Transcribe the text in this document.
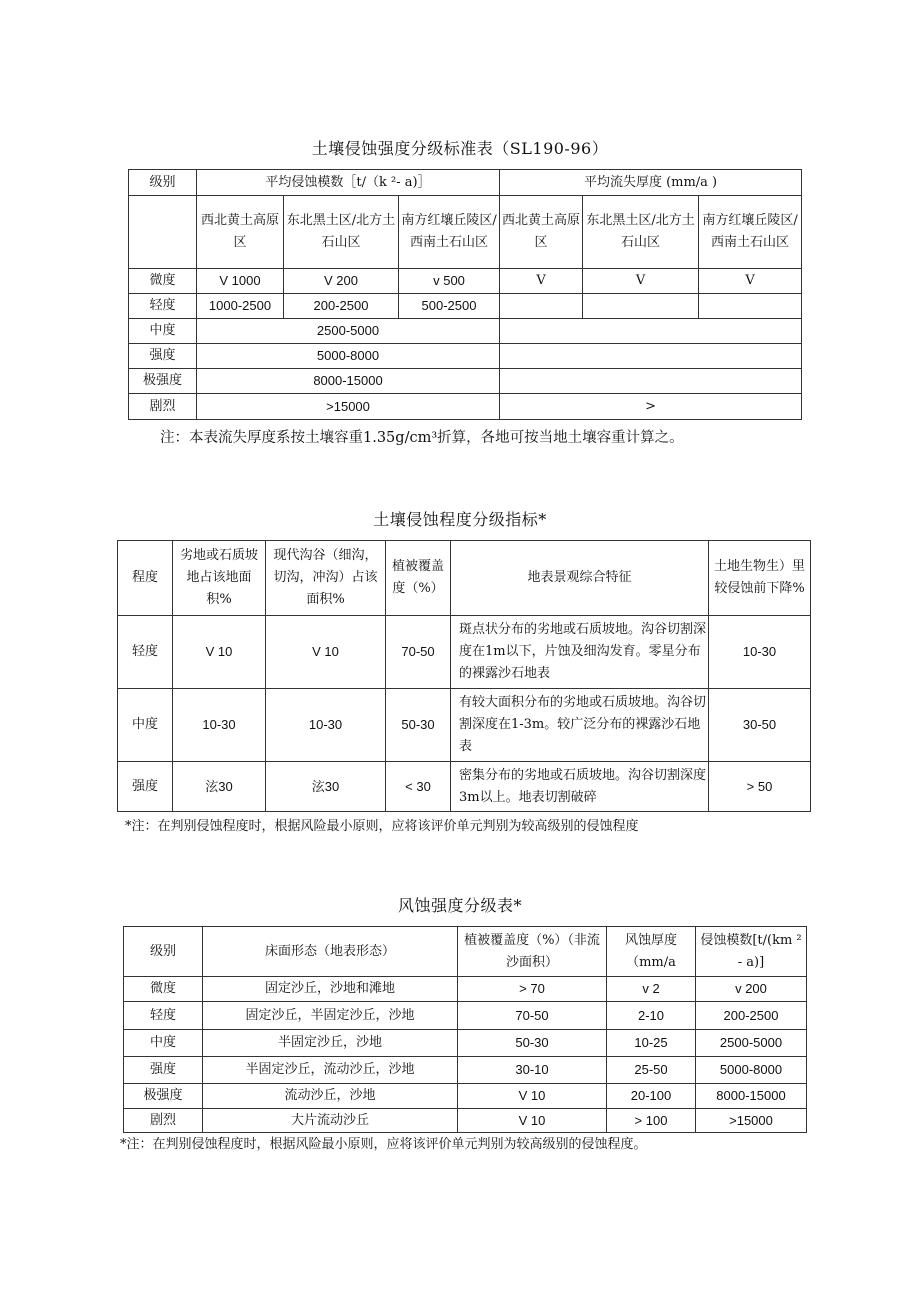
土壤侵蚀强度分级标准表（SL190-96）
级别	平均侵蚀模数［t/（k ²- a)］			平均流失厚度 (mm/a )		
	西北黄土高原区	东北黑土区/北方土石山区	南方红壤丘陵区/西南土石山区	西北黄土高原区	东北黑土区/北方土石山区	南方红壤丘陵区/西南土石山区
微度	V 1000	V 200	v 500	V	V	V
轻度	1000-2500	200-2500	500-2500			
中度	2500-5000					
强度	5000-8000					
极强度	8000-15000					
剧烈	>15000			>		
注：本表流失厚度系按土壤容重1.35g/cm³折算，各地可按当地土壤容重计算之。
土壤侵蚀程度分级指标*
程度	劣地或石质坡地占该地面积%	现代沟谷（细沟，切沟，冲沟）占该面积%	植被覆盖度（%）	地表景观综合特征	土地生物生）里较侵蚀前下降%
轻度	V 10	V 10	70-50	斑点状分布的劣地或石质坡地。沟谷切割深度在1m以下，片蚀及细沟发育。零星分布的裸露沙石地表	10-30
中度	10-30	10-30	50-30	有较大面积分布的劣地或石质坡地。沟谷切割深度在1-3m。较广泛分布的裸露沙石地表	30-50
强度	泫30	泫30	< 30	密集分布的劣地或石质坡地。沟谷切割深度3m以上。地表切割破碎	> 50
*注：在判别侵蚀程度时，根据风险最小原则，应将该评价单元判别为较高级别的侵蚀程度
风蚀强度分级表*
级别	床面形态（地表形态）	植被覆盖度（%）（非流沙面积）	风蚀厚度（mm/a	侵蚀模数[t/(km ² - a)]
微度	固定沙丘，沙地和滩地	> 70	v 2	v 200
轻度	固定沙丘，半固定沙丘，沙地	70-50	2-10	200-2500
中度	半固定沙丘，沙地	50-30	10-25	2500-5000
强度	半固定沙丘，流动沙丘，沙地	30-10	25-50	5000-8000
极强度	流动沙丘，沙地	V 10	20-100	8000-15000
剧烈	大片流动沙丘	V 10	> 100	>15000
*注：在判别侵蚀程度时，根据风险最小原则，应将该评价单元判别为较高级别的侵蚀程度。
